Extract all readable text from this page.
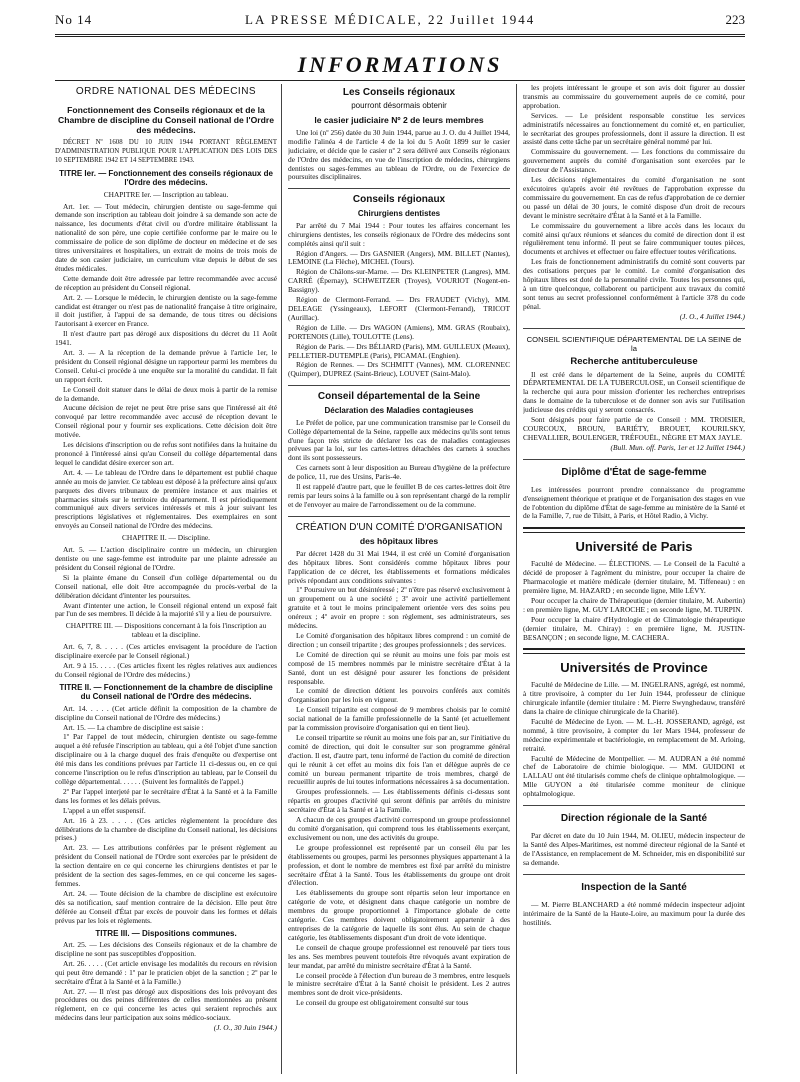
No 14	LA PRESSE MÉDICALE, 22 Juillet 1944	223
INFORMATIONS
ORDRE NATIONAL DES MÉDECINS
Fonctionnement des Conseils régionaux et de la Chambre de discipline du Conseil national de l'Ordre des médecins.

DÉCRET Nº 1608 DU 10 JUIN 1944 PORTANT RÈGLEMENT D'ADMINISTRATION PUBLIQUE POUR L'APPLICATION DES LOIS DES 10 SEPTEMBRE 1942 ET 14 SEPTEMBRE 1943.

TITRE Ier. — Fonctionnement des conseils régionaux de l'Ordre des médecins.
CHAPITRE Ier. — Inscription au tableau.

Art. 1er. — Tout médecin, chirurgien dentiste ou sage-femme qui demande son inscription au tableau doit joindre à sa demande son acte de naissance, les documents d'état civil ou d'ordre militaire établissant la nationalité de son père, une copie certifiée conforme par le maire ou le commissaire de police de son diplôme de docteur en médecine et de ses titres universitaires et hospitaliers, un extrait de moins de trois mois de date de son casier judiciaire, un curriculum vitæ depuis le début de ses études médicales.

Cette demande doit être adressée par lettre recommandée avec accusé de réception au président du Conseil régional.

Art. 2. — Lorsque le médecin, le chirurgien dentiste ou la sage-femme candidat est étranger ou n'est pas de nationalité française à titre originaire, il doit justifier, à l'appui de sa demande, de tous titres ou décisions l'autorisant à exercer en France.

Il n'est d'autre part pas dérogé aux dispositions du décret du 11 Août 1941.

Art. 3. — A la réception de la demande prévue à l'article 1er, le président du Conseil régional désigne un rapporteur parmi les membres du Conseil. Celui-ci procède à une enquête sur la moralité du candidat. Il fait un rapport écrit.

Le Conseil doit statuer dans le délai de deux mois à partir de la remise de la demande.

Aucune décision de rejet ne peut être prise sans que l'intéressé ait été convoqué par lettre recommandée avec accusé de réception devant le Conseil régional pour y fournir ses explications. Cette décision doit être motivée.

Les décisions d'inscription ou de refus sont notifiées dans la huitaine du prononcé à l'intéressé ainsi qu'au Conseil du collège départemental dans lequel le candidat désire exercer son art.

Art. 4. — Le tableau de l'Ordre dans le département est publié chaque année au mois de janvier. Ce tableau est déposé à la préfecture ainsi qu'aux parquets des divers tribunaux de première instance et aux mairies et pharmacies situés sur le territoire du département. Il est périodiquement communiqué aux divers services intéressés et mis à jour suivant les prescriptions législatives et réglementaires. Des exemplaires en sont envoyés au Conseil national de l'Ordre des médecins.

CHAPITRE II. — Discipline.

Art. 5. — L'action disciplinaire contre un médecin, un chirurgien dentiste ou une sage-femme est introduite par une plainte adressée au président du Conseil régional de l'Ordre.

Si la plainte émane du Conseil d'un collège départemental ou du Conseil national, elle doit être accompagnée du procès-verbal de la délibération décidant d'intenter les poursuites.

Avant d'intenter une action, le Conseil régional entend un exposé fait par l'un de ses membres. Il décide à la majorité s'il y a lieu de poursuivre.

CHAPITRE III. — Dispositions concernant à la fois l'inscription au tableau et la discipline.

Art. 6, 7, 8. . . . . (Ces articles envisagent la procédure de l'action disciplinaire exercée par le Conseil régional.)

Art. 9 à 15. . . . . (Ces articles fixent les règles relatives aux audiences du Conseil régional de l'Ordre des médecins.)

TITRE II. — Fonctionnement de la chambre de discipline du Conseil national de l'Ordre des médecins.

Art. 14. . . . . (Cet article définit la composition de la chambre de discipline du Conseil national de l'Ordre des médecins.)

Art. 15. — La chambre de discipline est saisie :

1º Par l'appel de tout médecin, chirurgien dentiste ou sage-femme auquel a été refusée l'inscription au tableau, qui a été l'objet d'une sanction disciplinaire ou à la charge duquel des frais d'enquête ou d'expertise ont été mis dans les conditions prévues par l'article 11 ci-dessus ou, en ce qui concerne l'inscription ou le refus d'inscription au tableau, par le Conseil du collège départemental. . . . . . (Suivent les formalités de l'appel.)

2º Par l'appel interjeté par le secrétaire d'État à la Santé et à la Famille dans les formes et les délais prévus.

L'appel a un effet suspensif.

Art. 16 à 23. . . . . (Ces articles règlementent la procédure des délibérations de la chambre de discipline du Conseil national, les décisions prises.)

Art. 23. — Les attributions conférées par le présent règlement au président du Conseil national de l'Ordre sont exercées par le président de la section dentaire en ce qui concerne les chirurgiens dentistes et par le président de la section des sages-femmes, en ce qui concerne les sages-femmes.

Art. 24. — Toute décision de la chambre de discipline est exécutoire dès sa notification, sauf mention contraire de la décision. Elle peut être déférée au Conseil d'État par excès de pouvoir dans les formes et délais prévus par les lois et règlements.

TITRE III. — Dispositions communes.

Art. 25. — Les décisions des Conseils régionaux et de la chambre de discipline ne sont pas susceptibles d'opposition.

Art. 26. . . . . (Cet article envisage les modalités du recours en révision qui peut être demandé : 1º par le praticien objet de la sanction ; 2º par le secrétaire d'État à la Santé et à la Famille.)

Art. 27. — Il n'est pas dérogé aux dispositions des lois prévoyant des procédures ou des peines différentes de celles mentionnées au présent règlement, en ce qui concerne les actes qui seraient reprochés aux médecins dans leur participation aux soins médico-sociaux.

(J. O., 30 Juin 1944.)
Les Conseils régionaux
pourront désormais obtenir
le casier judiciaire Nº 2 de leurs membres

Une loi (nº 256) datée du 30 Juin 1944, parue au J. O. du 4 Juillet 1944, modifie l'alinéa 4 de l'article 4 de la loi du 5 Août 1899 sur le casier judiciaire, et décide que le casier nº 2 sera délivré aux Conseils régionaux de l'Ordre des médecins, en vue de l'inscription de médecins, chirurgiens dentistes ou sages-femmes au tableau de l'Ordre, ou de l'exercice de poursuites disciplinaires.

Conseils régionaux
Chirurgiens dentistes

Par arrêté du 7 Mai 1944 : Pour toutes les affaires concernant les chirurgiens dentistes, les conseils régionaux de l'Ordre des médecins sont complétés ainsi qu'il suit :

Région d'Angers. — Drs GASNIER (Angers), MM. BILLET (Nantes), LEMOINE (La Flèche), MICHEL (Tours).

Région de Châlons-sur-Marne. — Drs KLEINPETER (Langres), MM. CARRÉ (Épernay), SCHWEITZER (Troyes), VOURIOT (Nogent-en-Bassigny).

Région de Clermont-Ferrand. — Drs FRAUDET (Vichy), MM. DELEAGE (Yssingeaux), LEFORT (Clermont-Ferrand), TRICOT (Aurillac).

Région de Lille. — Drs WAGON (Amiens), MM. GRAS (Roubaix), PORTENOIS (Lille), TOULOTTE (Lens).

Région de Paris. — Drs BÉLIARD (Paris), MM. GUILLEUX (Meaux), PELLETIER-DUTEMPLE (Paris), PICAMAL (Enghien).

Région de Rennes. — Drs SCHMITT (Vannes), MM. CLORENNEC (Quimper), DUPREZ (Saint-Brieuc), LOUVET (Saint-Malo).

Conseil départemental de la Seine
Déclaration des Maladies contagieuses

Le Préfet de police, par une communication transmise par le Conseil du Collège départemental de la Seine, rappelle aux médecins qu'ils sont tenus d'une façon très stricte de déclarer les cas de maladies contagieuses prévues par la loi, sur les cartes-lettres détachées des carnets à souches dont ils sont possesseurs.

Ces carnets sont à leur disposition au Bureau d'hygiène de la préfecture de police, 11, rue des Ursins, Paris-4e.

Il est rappelé d'autre part, que le feuillet B de ces cartes-lettres doit être remis par leurs soins à la famille ou à son représentant chargé de la remplir et de l'envoyer au maire de l'arrondissement ou de la commune.

CRÉATION D'UN COMITÉ D'ORGANISATION
des hôpitaux libres

Par décret 1428 du 31 Mai 1944, il est créé un Comité d'organisation des hôpitaux libres. Sont considérés comme hôpitaux libres pour l'application de ce décret, les établissements et formations médicales privés répondant aux conditions suivantes :

1º Poursuivre un but désintéressé ; 2º n'être pas réservé exclusivement à un groupement ou à une société ; 3º avoir une activité partiellement gratuite et à tout le moins principalement orientée vers des soins peu onéreux ; 4º avoir en propre : son règlement, ses administrateurs, ses médecins.

Le Comité d'organisation des hôpitaux libres comprend : un comité de direction ; un conseil tripartite ; des groupes professionnels ; des services.

Le Comité de direction qui se réunit au moins une fois par mois est composé de 15 membres nommés par le ministre secrétaire d'État à la Santé, dont un est désigné pour assurer les fonctions de président responsable.

Le comité de direction détient les pouvoirs conférés aux comités d'organisation par les lois en vigueur.

Le Conseil tripartite est composé de 9 membres choisis par le comité social national de la famille professionnelle de la Santé (et actuellement par la commission provisoire d'organisation qui en tient lieu).

Le conseil tripartite se réunit au moins une fois par an, sur l'initiative du comité de direction, qui doit le consulter sur son programme général d'action. Il est, d'autre part, tenu informé de l'action du comité de direction qui le réunit à cet effet au moins dix fois l'an et délègue auprès de ce comité un bureau permanent tripartite de trois membres, chargé de recueillir auprès de lui toutes informations nécessaires à sa documentation.

Groupes professionnels. — Les établissements définis ci-dessus sont répartis en groupes d'activité qui seront définis par arrêtés du ministre secrétaire d'État à la Santé et à la Famille.

A chacun de ces groupes d'activité correspond un groupe professionnel du comité d'organisation, qui comprend tous les établissements exerçant, exclusivement ou non, une des activités du groupe.

Le groupe professionnel est représenté par un conseil élu par les établissements ou groupes, parmi les personnes physiques appartenant à la profession, et dont le nombre de membres est fixé par arrêté du ministre secrétaire d'État à la Santé. Tous les établissements du groupe ont droit d'élection.

Les établissements du groupe sont répartis selon leur importance en catégorie de vote, et désignent dans chaque catégorie un nombre de membres du groupe proportionnel à l'importance globale de cette catégorie. Ces membres doivent obligatoirement appartenir à des entreprises de la catégorie de laquelle ils sont élus. Au sein de chaque catégorie, les établissements disposant d'un droit de vote identique.

Le conseil de chaque groupe professionnel est renouvelé par tiers tous les ans. Ses membres peuvent toutefois être révoqués avant expiration de leur mandat, par arrêté du ministre secrétaire d'État à la Santé.

Le conseil procède à l'élection d'un bureau de 3 membres, entre lesquels le ministre secrétaire d'État à la Santé choisit le président. Les 2 autres membres sont de droit vice-présidents.

Le conseil du groupe est obligatoirement consulté sur tous

les projets intéressant le groupe et son avis doit figurer au dossier transmis au commissaire du gouvernement auprès de ce comité, pour approbation.

Services. — Le président responsable constitue les services administratifs nécessaires au fonctionnement du comité et, en particulier, le secrétariat des groupes professionnels, dont il assure la direction. Il est assisté dans cette tâche par un secrétaire général nommé par lui.

Commissaire du gouvernement. — Les fonctions du commissaire du gouvernement auprès du comité d'organisation sont exercées par le directeur de l'Assistance.

Les décisions réglementaires du comité d'organisation ne sont exécutoires qu'après avoir été revêtues de l'approbation expresse du commissaire du gouvernement. En cas de refus d'approbation de ce dernier ou passé un délai de 30 jours, le comité dispose d'un droit de recours devant le ministre secrétaire d'État à la Santé et à la Famille.

Le commissaire du gouvernement a libre accès dans les locaux du comité ainsi qu'aux réunions et séances du comité de direction dont il est régulièrement tenu informé. Il peut se faire communiquer toutes pièces, documents et archives et effectuer ou faire effectuer toutes vérifications.

Les frais de fonctionnement administratifs du comité sont couverts par des cotisations perçues par le comité. Le comité d'organisation des hôpitaux libres est doté de la personnalité civile. Toutes les personnes qui, à un titre quelconque, collaborent ou participent aux travaux du comité sont tenus au secret professionnel conformément à l'article 378 du code pénal.

(J. O., 4 Juillet 1944.)
CONSEIL SCIENTIFIQUE DÉPARTEMENTAL DE LA SEINE de la
Recherche antituberculeuse

Il est créé dans le département de la Seine, auprès du COMITÉ DÉPARTEMENTAL DE LA TUBERCULOSE, un Conseil scientifique de la recherche qui aura pour mission d'orienter les recherches entreprises dans le domaine de la tuberculose et de donner son avis sur l'utilisation judicieuse des crédits qui y seront consacrés.

Sont désignés pour faire partie de ce Conseil : MM. TROISIER, COURCOUX, BROUN, BARIÉTY, BROUET, KOURILSKY, CHEVALLIER, BOULENGER, TRÉFOUËL, NÈGRE ET MAX JAYLE.

(Bull. Mun. off. Paris, 1er et 12 Juillet 1944.)
Diplôme d'État de sage-femme

Les intéressées pourront prendre connaissance du programme d'enseignement théorique et pratique et de l'organisation des stages en vue de l'obtention du diplôme d'État de sage-femme au ministère de la Santé et de la Famille, 7, rue de Tilsitt, à Paris, et Hôtel Radio, à Vichy.

Université de Paris

Faculté de Médecine. — ÉLECTIONS. — Le Conseil de la Faculté a décidé de proposer à l'agrément du ministre, pour occuper la chaire de Pharmacologie et matière médicale (dernier titulaire, M. Tiffeneau) : en première ligne, M. HAZARD ; en seconde ligne, Mlle LÉVY.

Pour occuper la chaire de Thérapeutique (dernier titulaire, M. Aubertin) : en première ligne, M. GUY LAROCHE ; en seconde ligne, M. TURPIN.

Pour occuper la chaire d'Hydrologie et de Climatologie thérapeutique (dernier titulaire, M. Chiray) : en première ligne, M. JUSTIN-BESANÇON ; en seconde ligne, M. CACHERA.

Universités de Province

Faculté de Médecine de Lille. — M. INGELRANS, agrégé, est nommé, à titre provisoire, à compter du 1er Juin 1944, professeur de clinique chirurgicale infantile (dernier titulaire : M. Pierre Swynghedauw, transféré dans la chaire de clinique chirurgicale de la Charité).

Faculté de Médecine de Lyon. — M. L.-H. JOSSERAND, agrégé, est nommé, à titre provisoire, à compter du 1er Mars 1944, professeur de médecine expérimentale et bactériologie, en remplacement de M. Arloing, retraité.

Faculté de Médecine de Montpellier. — M. AUDRAN a été nommé chef de Laboratoire de chimie biologique. — MM. GUIDONI et LALLAU ont été titularisés comme chefs de clinique ophtalmologique. — Mlle GUYON a été titularisée comme moniteur de clinique ophtalmologique.

Direction régionale de la Santé

Par décret en date du 10 Juin 1944, M. OLIEU, médecin inspecteur de la Santé des Alpes-Maritimes, est nommé directeur régional de la Santé et de l'Assistance, en remplacement de M. Schneider, mis en disponibilité sur sa demande.

Inspection de la Santé

— M. Pierre BLANCHARD a été nommé médecin inspecteur adjoint intérimaire de la Santé de la Haute-Loire, au maximum pour la durée des hostilités.
